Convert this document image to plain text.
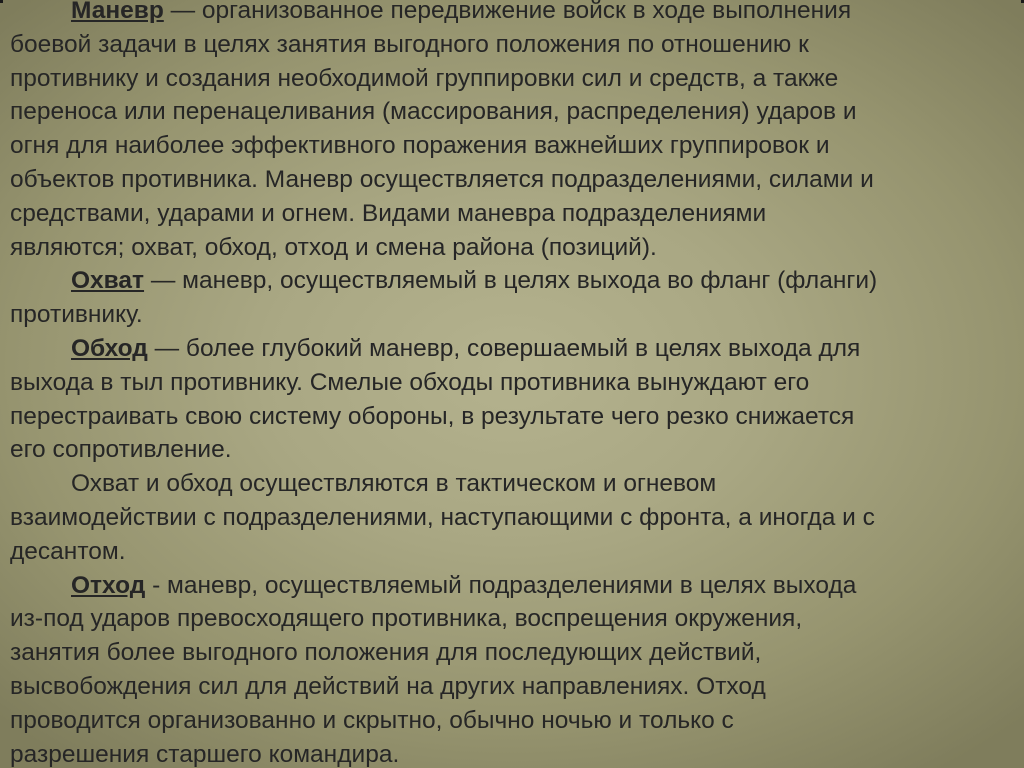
Маневр — организованное передвижение войск в ходе выполнения
боевой задачи в целях занятия выгодного положения по отношению к
противнику и создания необходимой группировки сил и средств, а также
переноса или перенацеливания (массирования, распределения) ударов и
огня для наиболее эффективного поражения важнейших группировок и
объектов противника. Маневр осуществляется подразделениями, силами и
средствами, ударами и огнем. Видами маневра подразделениями
являются; охват, обход, отход и смена района (позиций).
Охват — маневр, осуществляемый в целях выхода во фланг (фланги)
противнику.
Обход — более глубокий маневр, совершаемый в целях выхода для
выхода в тыл противнику. Смелые обходы противника вынуждают его
перестраивать свою систему обороны, в результате чего резко снижается
его сопротивление.
Охват и обход осуществляются в тактическом и огневом
взаимодействии с подразделениями, наступающими с фронта, а иногда и с
десантом.
Отход - маневр, осуществляемый подразделениями в целях выхода
из-под ударов превосходящего противника, воспрещения окружения,
занятия более выгодного положения для последующих действий,
высвобождения сил для действий на других направлениях. Отход
проводится организованно и скрытно, обычно ночью и только с
разрешения старшего командира.
